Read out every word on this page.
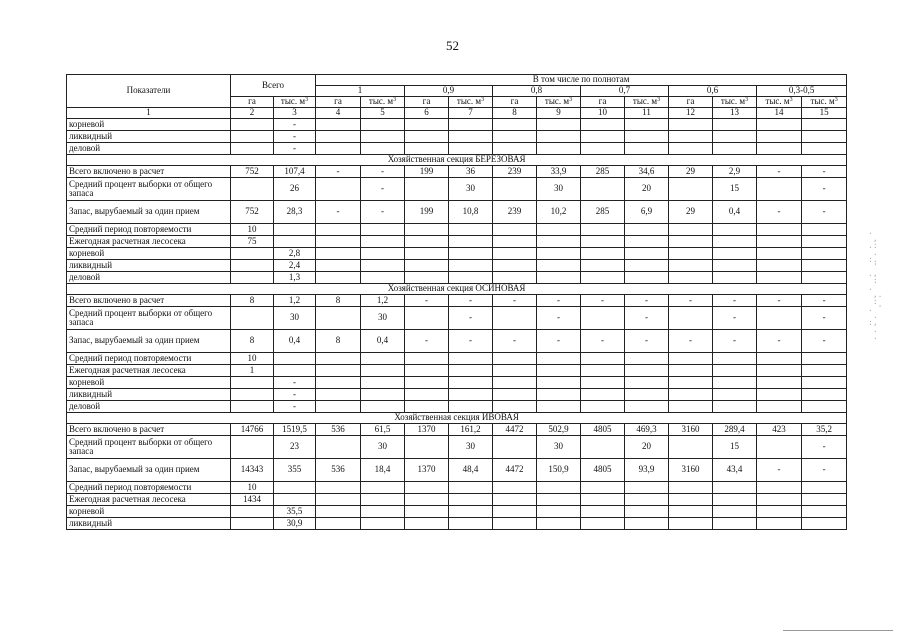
52
Показатели	Всего		В том числе по полнотам											
			1		0,9		0,8		0,7		0,6		0,3-0,5	
	га	тыс. $м^3$	га	тыс. $м^3$	га	тыс. $м^3$	га	тыс. $м^3$	га	тыс. $м^3$	га	тыс. $м^3$	тыс. $м^3$	тыс. $м^3$
1	2	3	4	5	6	7	8	9	10	11	12	13	14	15
корневой		-												
ликвидный		-												
деловой		-												
Хозяйственная секция БЕРЕЗОВАЯ														
Всего включено в расчет	752	107,4	-	-	199	36	239	33,9	285	34,6	29	2,9	-	-
Средний процент выборки от общего запаса		26		-		30		30		20		15		-
Запас, вырубаемый за один прием	752	28,3	-	-	199	10,8	239	10,2	285	6,9	29	0,4	-	-
Средний период повторяемости	10													
Ежегодная расчетная лесосека	75													
корневой		2,8												
ликвидный		2,4												
деловой		1,3												
Хозяйственная секция ОСИНОВАЯ														
Всего включено в расчет	8	1,2	8	1,2	-	-	-	-	-	-	-	-	-	-
Средний процент выборки от общего запаса		30		30		-		-		-		-		-
Запас, вырубаемый за один прием	8	0,4	8	0,4	-	-	-	-	-	-	-	-	-	-
Средний период повторяемости	10													
Ежегодная расчетная лесосека	1													
корневой		-												
ликвидный		-												
деловой		-												
Хозяйственная секция ИВОВАЯ														
Всего включено в расчет	14766	1519,5	536	61,5	1370	161,2	4472	502,9	4805	469,3	3160	289,4	423	35,2
Средний процент выборки от общего запаса		23		30		30		30		20		15		-
Запас, вырубаемый за один прием	14343	355	536	18,4	1370	48,4	4472	150,9	4805	93,9	3160	43,4	-	-
Средний период повторяемости	10													
Ежегодная расчетная лесосека	1434													
корневой		35,5												
ликвидный		30,9												
.
,
.:
.
:.
'
.,
:
.
,.
:
. '
.
:,
.
.
